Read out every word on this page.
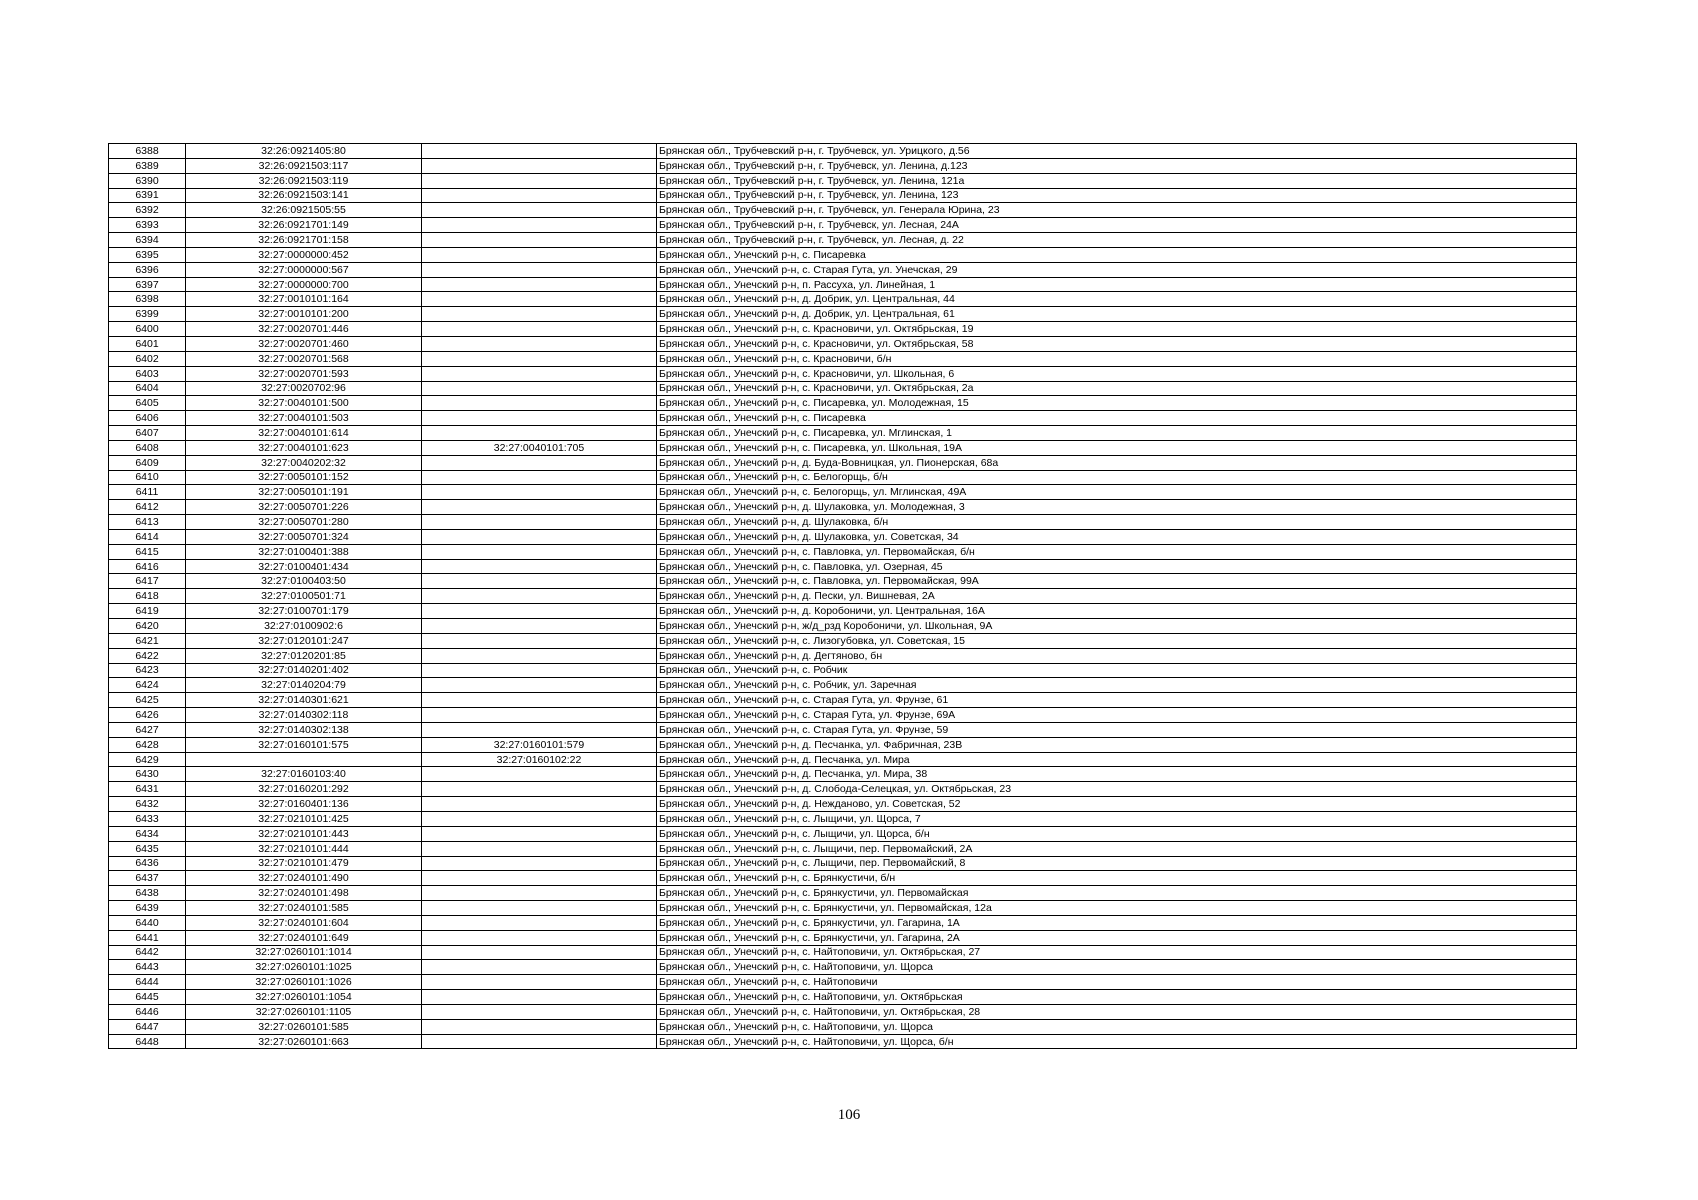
6388	32:26:0921405:80		Брянская обл., Трубчевский р-н, г. Трубчевск, ул. Урицкого, д.56
6389	32:26:0921503:117		Брянская обл., Трубчевский р-н, г. Трубчевск, ул. Ленина, д.123
6390	32:26:0921503:119		Брянская обл., Трубчевский р-н, г. Трубчевск, ул. Ленина, 121а
6391	32:26:0921503:141		Брянская обл., Трубчевский р-н, г. Трубчевск, ул. Ленина, 123
6392	32:26:0921505:55		Брянская обл., Трубчевский р-н, г. Трубчевск, ул. Генерала Юрина, 23
6393	32:26:0921701:149		Брянская обл., Трубчевский р-н, г. Трубчевск, ул. Лесная, 24А
6394	32:26:0921701:158		Брянская обл., Трубчевский р-н, г. Трубчевск, ул. Лесная, д. 22
6395	32:27:0000000:452		Брянская обл., Унечский р-н, с. Писаревка
6396	32:27:0000000:567		Брянская обл., Унечский р-н, с. Старая Гута, ул. Унечская, 29
6397	32:27:0000000:700		Брянская обл., Унечский р-н, п. Рассуха, ул. Линейная, 1
6398	32:27:0010101:164		Брянская обл., Унечский р-н, д. Добрик, ул. Центральная, 44
6399	32:27:0010101:200		Брянская обл., Унечский р-н, д. Добрик, ул. Центральная, 61
6400	32:27:0020701:446		Брянская обл., Унечский р-н, с. Красновичи, ул. Октябрьская, 19
6401	32:27:0020701:460		Брянская обл., Унечский р-н, с. Красновичи, ул. Октябрьская, 58
6402	32:27:0020701:568		Брянская обл., Унечский р-н, с. Красновичи, б/н
6403	32:27:0020701:593		Брянская обл., Унечский р-н, с. Красновичи, ул. Школьная, 6
6404	32:27:0020702:96		Брянская обл., Унечский р-н, с. Красновичи, ул. Октябрьская, 2а
6405	32:27:0040101:500		Брянская обл., Унечский р-н, с. Писаревка, ул. Молодежная, 15
6406	32:27:0040101:503		Брянская обл., Унечский р-н, с. Писаревка
6407	32:27:0040101:614		Брянская обл., Унечский р-н, с. Писаревка, ул. Мглинская, 1
6408	32:27:0040101:623	32:27:0040101:705	Брянская обл., Унечский р-н, с. Писаревка, ул. Школьная, 19А
6409	32:27:0040202:32		Брянская обл., Унечский р-н, д. Буда-Вовницкая, ул. Пионерская, 68а
6410	32:27:0050101:152		Брянская обл., Унечский р-н, с. Белогорщь, б/н
6411	32:27:0050101:191		Брянская обл., Унечский р-н, с. Белогорщь, ул. Мглинская, 49А
6412	32:27:0050701:226		Брянская обл., Унечский р-н, д. Шулаковка, ул. Молодежная, 3
6413	32:27:0050701:280		Брянская обл., Унечский р-н, д. Шулаковка, б/н
6414	32:27:0050701:324		Брянская обл., Унечский р-н, д. Шулаковка, ул. Советская, 34
6415	32:27:0100401:388		Брянская обл., Унечский р-н, с. Павловка, ул. Первомайская, б/н
6416	32:27:0100401:434		Брянская обл., Унечский р-н, с. Павловка, ул. Озерная, 45
6417	32:27:0100403:50		Брянская обл., Унечский р-н, с. Павловка, ул. Первомайская, 99А
6418	32:27:0100501:71		Брянская обл., Унечский р-н, д. Пески, ул. Вишневая, 2А
6419	32:27:0100701:179		Брянская обл., Унечский р-н, д. Коробоничи, ул. Центральная, 16А
6420	32:27:0100902:6		Брянская обл., Унечский р-н, ж/д_рзд Коробоничи, ул. Школьная, 9А
6421	32:27:0120101:247		Брянская обл., Унечский р-н, с. Лизогубовка, ул. Советская, 15
6422	32:27:0120201:85		Брянская обл., Унечский р-н, д. Дегтяново, бн
6423	32:27:0140201:402		Брянская обл., Унечский р-н, с. Робчик
6424	32:27:0140204:79		Брянская обл., Унечский р-н, с. Робчик, ул. Заречная
6425	32:27:0140301:621		Брянская обл., Унечский р-н, с. Старая Гута, ул. Фрунзе, 61
6426	32:27:0140302:118		Брянская обл., Унечский р-н, с. Старая Гута, ул. Фрунзе, 69А
6427	32:27:0140302:138		Брянская обл., Унечский р-н, с. Старая Гута, ул. Фрунзе, 59
6428	32:27:0160101:575	32:27:0160101:579	Брянская обл., Унечский р-н, д. Песчанка, ул. Фабричная, 23В
6429		32:27:0160102:22	Брянская обл., Унечский р-н, д. Песчанка, ул. Мира
6430	32:27:0160103:40		Брянская обл., Унечский р-н, д. Песчанка, ул. Мира, 38
6431	32:27:0160201:292		Брянская обл., Унечский р-н, д. Слобода-Селецкая, ул. Октябрьская, 23
6432	32:27:0160401:136		Брянская обл., Унечский р-н, д. Нежданово, ул. Советская, 52
6433	32:27:0210101:425		Брянская обл., Унечский р-н, с. Лыщичи, ул. Щорса, 7
6434	32:27:0210101:443		Брянская обл., Унечский р-н, с. Лыщичи, ул. Щорса, б/н
6435	32:27:0210101:444		Брянская обл., Унечский р-н, с. Лыщичи, пер. Первомайский, 2А
6436	32:27:0210101:479		Брянская обл., Унечский р-н, с. Лыщичи, пер. Первомайский, 8
6437	32:27:0240101:490		Брянская обл., Унечский р-н, с. Брянкустичи, б/н
6438	32:27:0240101:498		Брянская обл., Унечский р-н, с. Брянкустичи, ул. Первомайская
6439	32:27:0240101:585		Брянская обл., Унечский р-н, с. Брянкустичи, ул. Первомайская, 12а
6440	32:27:0240101:604		Брянская обл., Унечский р-н, с. Брянкустичи, ул. Гагарина, 1А
6441	32:27:0240101:649		Брянская обл., Унечский р-н, с. Брянкустичи, ул. Гагарина, 2А
6442	32:27:0260101:1014		Брянская обл., Унечский р-н, с. Найтоповичи, ул. Октябрьская, 27
6443	32:27:0260101:1025		Брянская обл., Унечский р-н, с. Найтоповичи, ул. Щорса
6444	32:27:0260101:1026		Брянская обл., Унечский р-н, с. Найтоповичи
6445	32:27:0260101:1054		Брянская обл., Унечский р-н, с. Найтоповичи, ул. Октябрьская
6446	32:27:0260101:1105		Брянская обл., Унечский р-н, с. Найтоповичи, ул. Октябрьская, 28
6447	32:27:0260101:585		Брянская обл., Унечский р-н, с. Найтоповичи, ул. Щорса
6448	32:27:0260101:663		Брянская обл., Унечский р-н, с. Найтоповичи, ул. Щорса, б/н
106
